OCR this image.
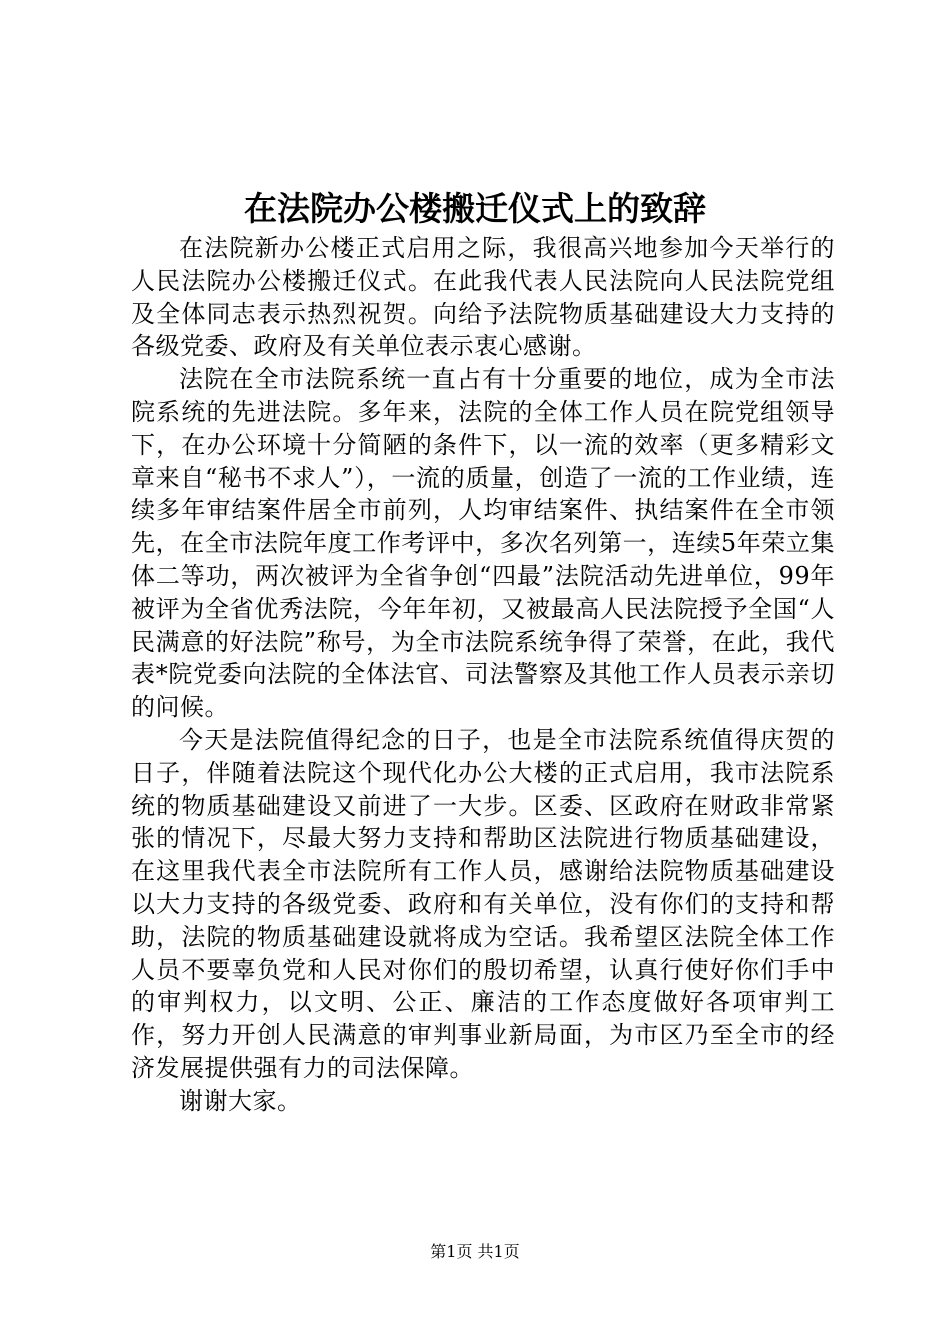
在法院办公楼搬迁仪式上的致辞

在法院新办公楼正式启用之际，我很高兴地参加今天举行的人民法院办公楼搬迁仪式。在此我代表人民法院向人民法院党组及全体同志表示热烈祝贺。向给予法院物质基础建设大力支持的各级党委、政府及有关单位表示衷心感谢。

法院在全市法院系统一直占有十分重要的地位，成为全市法院系统的先进法院。多年来，法院的全体工作人员在院党组领导下，在办公环境十分简陋的条件下，以一流的效率（更多精彩文章来自“秘书不求人”），一流的质量，创造了一流的工作业绩，连续多年审结案件居全市前列，人均审结案件、执结案件在全市领先，在全市法院年度工作考评中，多次名列第一，连续5年荣立集体二等功，两次被评为全省争创“四最”法院活动先进单位，99年被评为全省优秀法院，今年年初，又被最高人民法院授予全国“人民满意的好法院”称号，为全市法院系统争得了荣誉，在此，我代表*院党委向法院的全体法官、司法警察及其他工作人员表示亲切的问候。

今天是法院值得纪念的日子，也是全市法院系统值得庆贺的日子，伴随着法院这个现代化办公大楼的正式启用，我市法院系统的物质基础建设又前进了一大步。区委、区政府在财政非常紧张的情况下，尽最大努力支持和帮助区法院进行物质基础建设，在这里我代表全市法院所有工作人员，感谢给法院物质基础建设以大力支持的各级党委、政府和有关单位，没有你们的支持和帮助，法院的物质基础建设就将成为空话。我希望区法院全体工作人员不要辜负党和人民对你们的殷切希望，认真行使好你们手中的审判权力，以文明、公正、廉洁的工作态度做好各项审判工作，努力开创人民满意的审判事业新局面，为市区乃至全市的经济发展提供强有力的司法保障。

谢谢大家。

第1页 共1页
